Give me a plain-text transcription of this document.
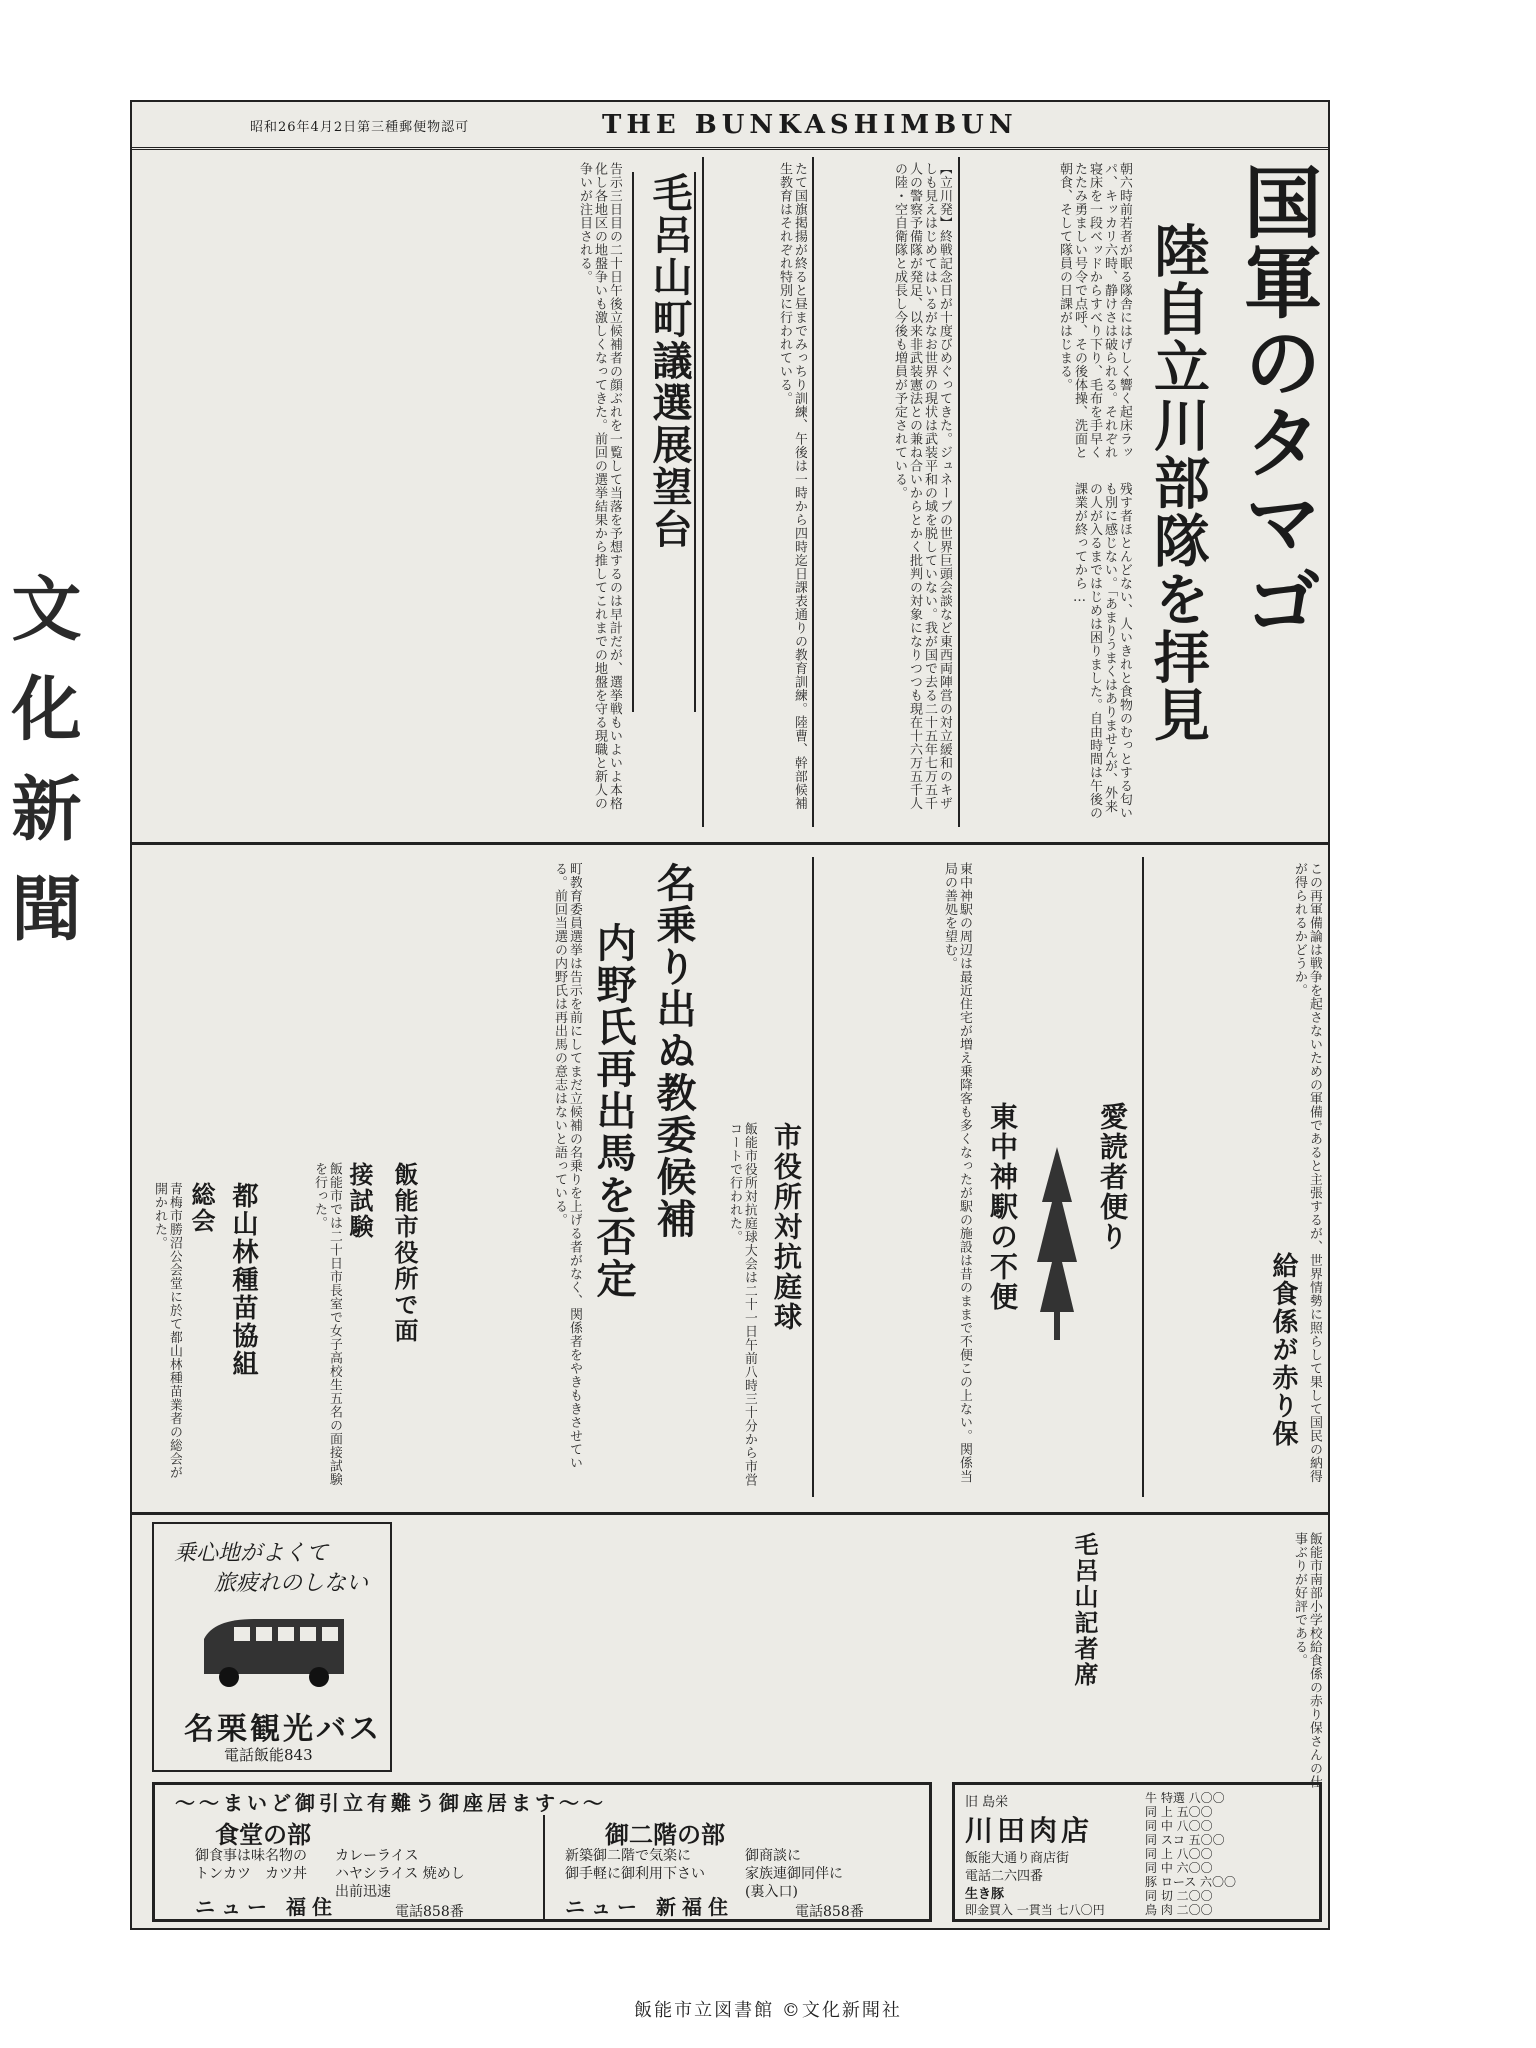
昭和26年4月2日第三種郵便物認可	THE BUNKASHIMBUN
文化新聞
国軍のタマゴ
陸自立川部隊を拝見
朝六時前若者が眠る隊舎にはげしく響く起床ラッパ、キッカリ六時、静けさは破られる。それぞれ寝床を一段ベッドからすべり下り、毛布を手早くたたみ勇ましい号令で点呼、その後体操、洗面と朝食、そして隊員の日課がはじまる。
残す者ほとんどない、人いきれと食物のむっとする匂いも別に感じない。「あまりうまくはありませんが、外来の人が入るまではじめは困りました。自由時間は午後の課業が終ってから…
【立川発】終戦記念日が十度びめぐってきた。ジュネーブの世界巨頭会談など東西両陣営の対立緩和のキザしも見えはじめてはいるがなお世界の現状は武装平和の域を脱していない。我が国で去る二十五年七万五千人の警察予備隊が発足、以来非武装憲法との兼ね合いからとかく批判の対象になりつつも現在十六万五千人の陸・空自衛隊と成長し今後も増員が予定されている。
たて国旗掲揚が終ると昼までみっちり訓練、午後は一時から四時迄日課表通りの教育訓練。陸曹、幹部候補生教育はそれぞれ特別に行われている。
毛呂山町議選展望台
告示三日目の二十日午後立候補者の顔ぶれを一覧して当落を予想するのは早計だが、選挙戦もいよいよ本格化し各地区の地盤争いも激しくなってきた。前回の選挙結果から推してこれまでの地盤を守る現職と新人の争いが注目される。
この再軍備論は戦争を起さないための軍備であると主張するが、世界情勢に照らして果して国民の納得が得られるかどうか。
愛読者便り
東中神駅の不便
東中神駅の周辺は最近住宅が増え乗降客も多くなったが駅の施設は昔のままで不便この上ない。関係当局の善処を望む。
市役所対抗庭球
飯能市役所対抗庭球大会は二十一日午前八時三十分から市営コートで行われた。
名乗り出ぬ教委候補
内野氏再出馬を否定
町教育委員選挙は告示を前にしてまだ立候補の名乗りを上げる者がなく、関係者をやきもきさせている。前回当選の内野氏は再出馬の意志はないと語っている。
飯能市役所で面
接試験
飯能市では二十日市長室で女子高校生五名の面接試験を行った。
都山林種苗協組
総会
青梅市勝沼公会堂に於て都山林種苗業者の総会が開かれた。
給食係が赤り保
毛呂山記者席	飯能市南部小学校給食係の赤り保さんの仕事ぶりが好評である。
乗心地がよくて
旅疲れのしない
名栗観光バス
電話飯能843
〜〜まいど御引立有難う御座居ます〜〜
食堂の部
御食事は味名物の
トンカツ　カツ丼
カレーライス
ハヤシライス 焼めし
出前迅速
ニュー 福住	電話858番
御二階の部
新築御二階で気楽に
御手軽に御利用下さい
御商談に
家族連御同伴に
(裏入口)
ニュー 新福住	電話858番
旧 島栄
川田肉店
飯能大通り商店街
電話二六四番
生き豚
即金買入 一貫当 七八〇円
牛 特選 八〇〇
同 上 五〇〇
同 中 八〇〇
同 スコ 五〇〇
同 上 八〇〇
同 中 六〇〇
豚 ロース 六〇〇
同 切 二〇〇
鳥 肉 二〇〇
飯能市立図書館 ©文化新聞社
